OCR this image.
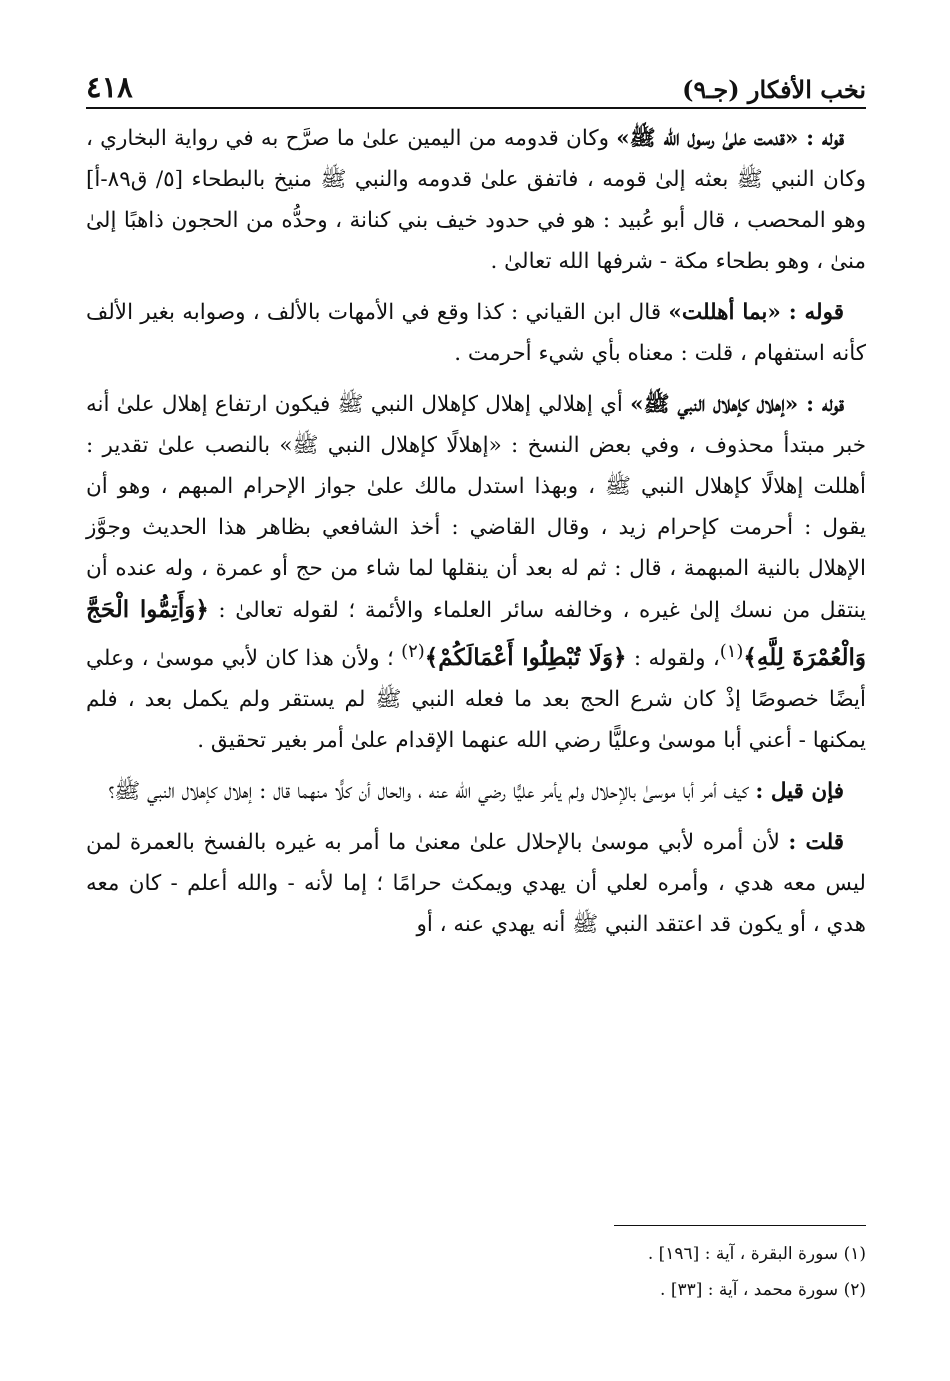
نخب الأفكار (جـ٩)
٤١٨

قوله : «قدمت علىٰ رسول الله ﷺ» وكان قدومه من اليمين علىٰ ما صرَّح به في رواية البخاري ، وكان النبي ﷺ بعثه إلىٰ قومه ، فاتفق علىٰ قدومه والنبي ﷺ منيخ بالبطحاء [٥/ ق٨٩-أ] وهو المحصب ، قال أبو عُبيد : هو في حدود خيف بني كنانة ، وحدُّه من الحجون ذاهبًا إلىٰ منىٰ ، وهو بطحاء مكة - شرفها الله تعالىٰ .

قوله : «بما أهللت» قال ابن القياني : كذا وقع في الأمهات بالألف ، وصوابه بغير الألف كأنه استفهام ، قلت : معناه بأي شيء أحرمت .

قوله : «إهلال كإهلال النبي ﷺ» أي إهلالي إهلال كإهلال النبي ﷺ فيكون ارتفاع إهلال علىٰ أنه خبر مبتدأ محذوف ، وفي بعض النسخ : «إهلالًا كإهلال النبي ﷺ» بالنصب علىٰ تقدير : أهللت إهلالًا كإهلال النبي ﷺ ، وبهذا استدل مالك علىٰ جواز الإحرام المبهم ، وهو أن يقول : أحرمت كإحرام زيد ، وقال القاضي : أخذ الشافعي بظاهر هذا الحديث وجوَّز الإهلال بالنية المبهمة ، قال : ثم له بعد أن ينقلها لما شاء من حج أو عمرة ، وله عنده أن ينتقل من نسك إلىٰ غيره ، وخالفه سائر العلماء والأئمة ؛ لقوله تعالىٰ : ﴿وَأَتِمُّوا الْحَجَّ وَالْعُمْرَةَ لِلَّهِ﴾$^{(١)}$، ولقوله : ﴿وَلَا تُبْطِلُوا أَعْمَالَكُمْ﴾$^{(٢)}$ ؛ ولأن هذا كان لأبي موسىٰ ، وعلي أيضًا خصوصًا إذْ كان شرع الحج بعد ما فعله النبي ﷺ لم يستقر ولم يكمل بعد ، فلم يمكنها - أعني أبا موسىٰ وعليًّا رضي الله عنهما الإقدام علىٰ أمر بغير تحقيق .

فإن قيل : كيف أمر أبا موسىٰ بالإحلال ولم يأمر عليًّا رضي الله عنه ، والحال أن كلًّا منهما قال : إهلال كإهلال النبي ﷺ؟

قلت : لأن أمره لأبي موسىٰ بالإحلال علىٰ معنىٰ ما أمر به غيره بالفسخ بالعمرة لمن ليس معه هدي ، وأمره لعلي أن يهدي ويمكث حرامًا ؛ إما لأنه - والله أعلم - كان معه هدي ، أو يكون قد اعتقد النبي ﷺ أنه يهدي عنه ، أو

(١) سورة البقرة ، آية : [١٩٦] .

(٢) سورة محمد ، آية : [٣٣] .
